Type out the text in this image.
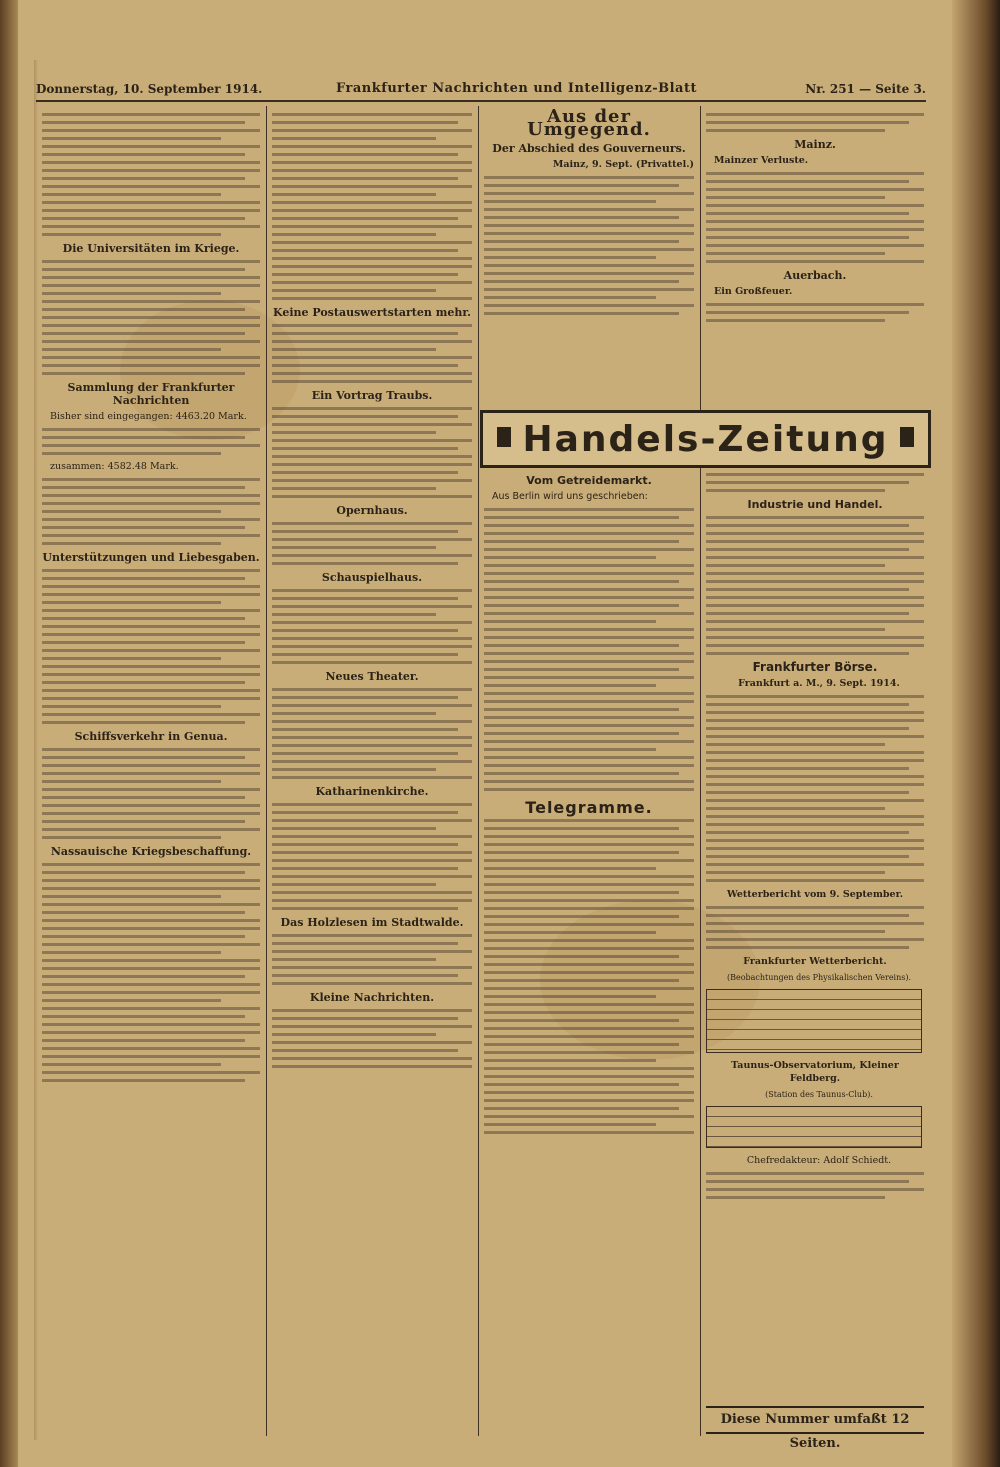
Donnerstag, 10. September 1914.	Frankfurter Nachrichten und Intelligenz-Blatt	Nr. 251 — Seite 3.
Die Universitäten im Kriege.
Sammlung der Frankfurter Nachrichten

Bisher sind eingegangen: 4463.20 Mark.

zusammen: 4582.48 Mark.

Unterstützungen und Liebesgaben.
Schiffsverkehr in Genua.
Nassauische Kriegsbeschaffung.
Keine Postauswertstarten mehr.
Ein Vortrag Traubs.
Opernhaus.
Schauspielhaus.
Neues Theater.
Katharinenkirche.
Das Holzlesen im Stadtwalde.
Kleine Nachrichten.
Aus der Umgegend.
Der Abschied des Gouverneurs.

Mainz, 9. Sept. (Privattel.)

Mainz.

Mainzer Verluste.

Auerbach.

Ein Großfeuer.

Handels-Zeitung
Vom Getreidemarkt.

Aus Berlin wird uns geschrieben:

Telegramme.
Industrie und Handel.
Frankfurter Börse.

Frankfurt a. M., 9. Sept. 1914.

Wetterbericht vom 9. September.
Frankfurter Wetterbericht.

(Beobachtungen des Physikalischen Vereins).

Taunus-Observatorium, Kleiner Feldberg.

(Station des Taunus-Club).

Chefredakteur: Adolf Schiedt.

Diese Nummer umfaßt 12 Seiten.
